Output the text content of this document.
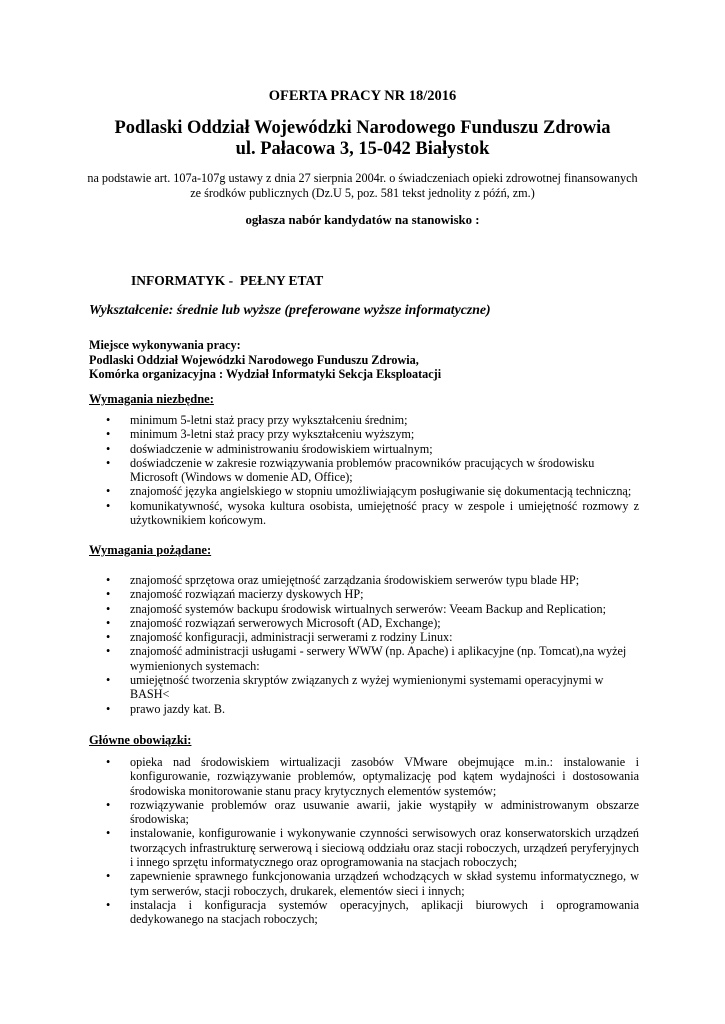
OFERTA PRACY NR 18/2016
Podlaski Oddział Wojewódzki Narodowego Funduszu Zdrowia
ul. Pałacowa 3, 15-042 Białystok
na podstawie art. 107a-107g ustawy z dnia 27 sierpnia 2004r. o świadczeniach opieki zdrowotnej finansowanych
ze środków publicznych (Dz.U 5, poz. 581 tekst jednolity z późń, zm.)
ogłasza nabór kandydatów na stanowisko :
INFORMATYK -  PEŁNY ETAT
Wykształcenie: średnie lub wyższe (preferowane wyższe informatyczne)
Miejsce wykonywania pracy:
Podlaski Oddział Wojewódzki Narodowego Funduszu Zdrowia,
Komórka organizacyjna : Wydział Informatyki Sekcja Eksploatacji
Wymagania niezbędne:
• minimum 5-letni staż pracy przy wykształceniu średnim;
• minimum 3-letni staż pracy przy wykształceniu wyższym;
• doświadczenie w administrowaniu środowiskiem wirtualnym;
• doświadczenie w zakresie rozwiązywania problemów pracowników pracujących w środowisku Microsoft (Windows w domenie AD, Office);
• znajomość języka angielskiego w stopniu umożliwiającym posługiwanie się dokumentacją techniczną;
• komunikatywność, wysoka kultura osobista, umiejętność pracy w zespole i umiejętność rozmowy z użytkownikiem końcowym.
Wymagania pożądane:
• znajomość sprzętowa oraz umiejętność zarządzania środowiskiem serwerów typu blade HP;
• znajomość rozwiązań macierzy dyskowych HP;
• znajomość systemów backupu środowisk wirtualnych serwerów: Veeam Backup and Replication;
• znajomość rozwiązań serwerowych Microsoft (AD, Exchange);
• znajomość konfiguracji, administracji serwerami z rodziny Linux:
• znajomość administracji usługami - serwery WWW (np. Apache) i aplikacyjne (np. Tomcat),na wyżej wymienionych systemach:
• umiejętność tworzenia skryptów związanych z wyżej wymienionymi systemami operacyjnymi w BASH<
• prawo jazdy kat. B.
Główne obowiązki:
• opieka nad środowiskiem wirtualizacji zasobów VMware obejmujące m.in.: instalowanie i konfigurowanie, rozwiązywanie problemów, optymalizację pod kątem wydajności i dostosowania środowiska monitorowanie stanu pracy krytycznych elementów systemów;
• rozwiązywanie problemów oraz usuwanie awarii, jakie wystąpiły w administrowanym obszarze środowiska;
• instalowanie, konfigurowanie i wykonywanie czynności serwisowych oraz konserwatorskich urządzeń tworzących infrastrukturę serwerową i sieciową oddziału oraz stacji roboczych, urządzeń peryferyjnych i innego sprzętu informatycznego oraz oprogramowania na stacjach roboczych;
• zapewnienie sprawnego funkcjonowania urządzeń wchodzących w skład systemu informatycznego, w tym serwerów, stacji roboczych, drukarek, elementów sieci i innych;
• instalacja i konfiguracja systemów operacyjnych, aplikacji biurowych i oprogramowania dedykowanego na stacjach roboczych;
